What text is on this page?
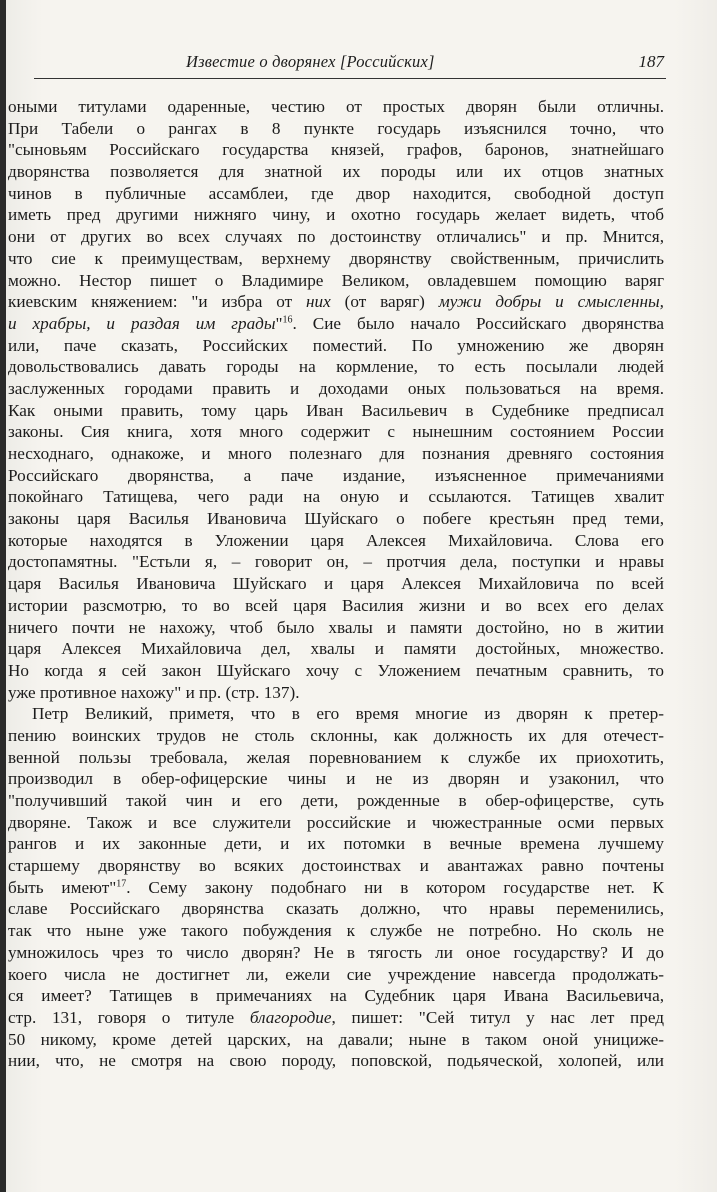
Известие о дворянех [Российских]	187
оными титулами одаренные, честию от простых дворян были отличны.
При Табели о рангах в 8 пункте государь изъяснился точно, что
"сыновьям Российскаго государства князей, графов, баронов, знатнейшаго
дворянства позволяется для знатной их породы или их отцов знатных
чинов в публичные ассамблеи, где двор находится, свободной доступ
иметь пред другими нижняго чину, и охотно государь желает видеть, чтоб
они от других во всех случаях по достоинству отличались" и пр. Мнится,
что сие к преимуществам, верхнему дворянству свойственным, причислить
можно. Нестор пишет о Владимире Великом, овладевшем помощию варяг
киевским княжением: "и избра от них (от варяг) мужи добры и смысленны,
и храбры, и раздая им грады"$^{16}$. Сие было начало Российскаго дворянства
или, паче сказать, Российских поместий. По умножению же дворян
довольствовались давать городы на кормление, то есть посылали людей
заслуженных городами править и доходами оных пользоваться на время.
Как оными править, тому царь Иван Васильевич в Судебнике предписал
законы. Сия книга, хотя много содержит с нынешним состоянием России
несходнаго, однакоже, и много полезнаго для познания древняго состояния
Российскаго дворянства, а паче издание, изъясненное примечаниями
покойнаго Татищева, чего ради на оную и ссылаются. Татищев хвалит
законы царя Василья Ивановича Шуйскаго о побеге крестьян пред теми,
которые находятся в Уложении царя Алексея Михайловича. Слова его
достопамятны. "Естьли я, – говорит он, – протчия дела, поступки и нравы
царя Василья Ивановича Шуйскаго и царя Алексея Михайловича по всей
истории разсмотрю, то во всей царя Василия жизни и во всех его делах
ничего почти не нахожу, чтоб было хвалы и памяти достойно, но в житии
царя Алексея Михайловича дел, хвалы и памяти достойных, множество.
Но когда я сей закон Шуйскаго хочу с Уложением печатным сравнить, то
уже противное нахожу" и пр. (стр. 137).
Петр Великий, приметя, что в его время многие из дворян к претер-
пению воинских трудов не столь склонны, как должность их для отечест-
венной пользы требовала, желая поревнованием к службе их приохотить,
производил в обер-офицерские чины и не из дворян и узаконил, что
"получивший такой чин и его дети, рожденные в обер-офицерстве, суть
дворяне. Також и все служители российские и чюжестранные осми первых
рангов и их законные дети, и их потомки в вечные времена лучшему
старшему дворянству во всяких достоинствах и авантажах равно почтены
быть имеют"$^{17}$. Сему закону подобнаго ни в котором государстве нет. К
славе Российскаго дворянства сказать должно, что нравы переменились,
так что ныне уже такого побуждения к службе не потребно. Но сколь не
умножилось чрез то число дворян? Не в тягость ли оное государству? И до
коего числа не достигнет ли, ежели сие учреждение навсегда продолжать-
ся имеет? Татищев в примечаниях на Судебник царя Ивана Васильевича,
стр. 131, говоря о титуле благородие, пишет: "Сей титул у нас лет пред
50 никому, кроме детей царских, на давали; ныне в таком оной унициже-
нии, что, не смотря на свою породу, поповской, подьяческой, холопей, или
